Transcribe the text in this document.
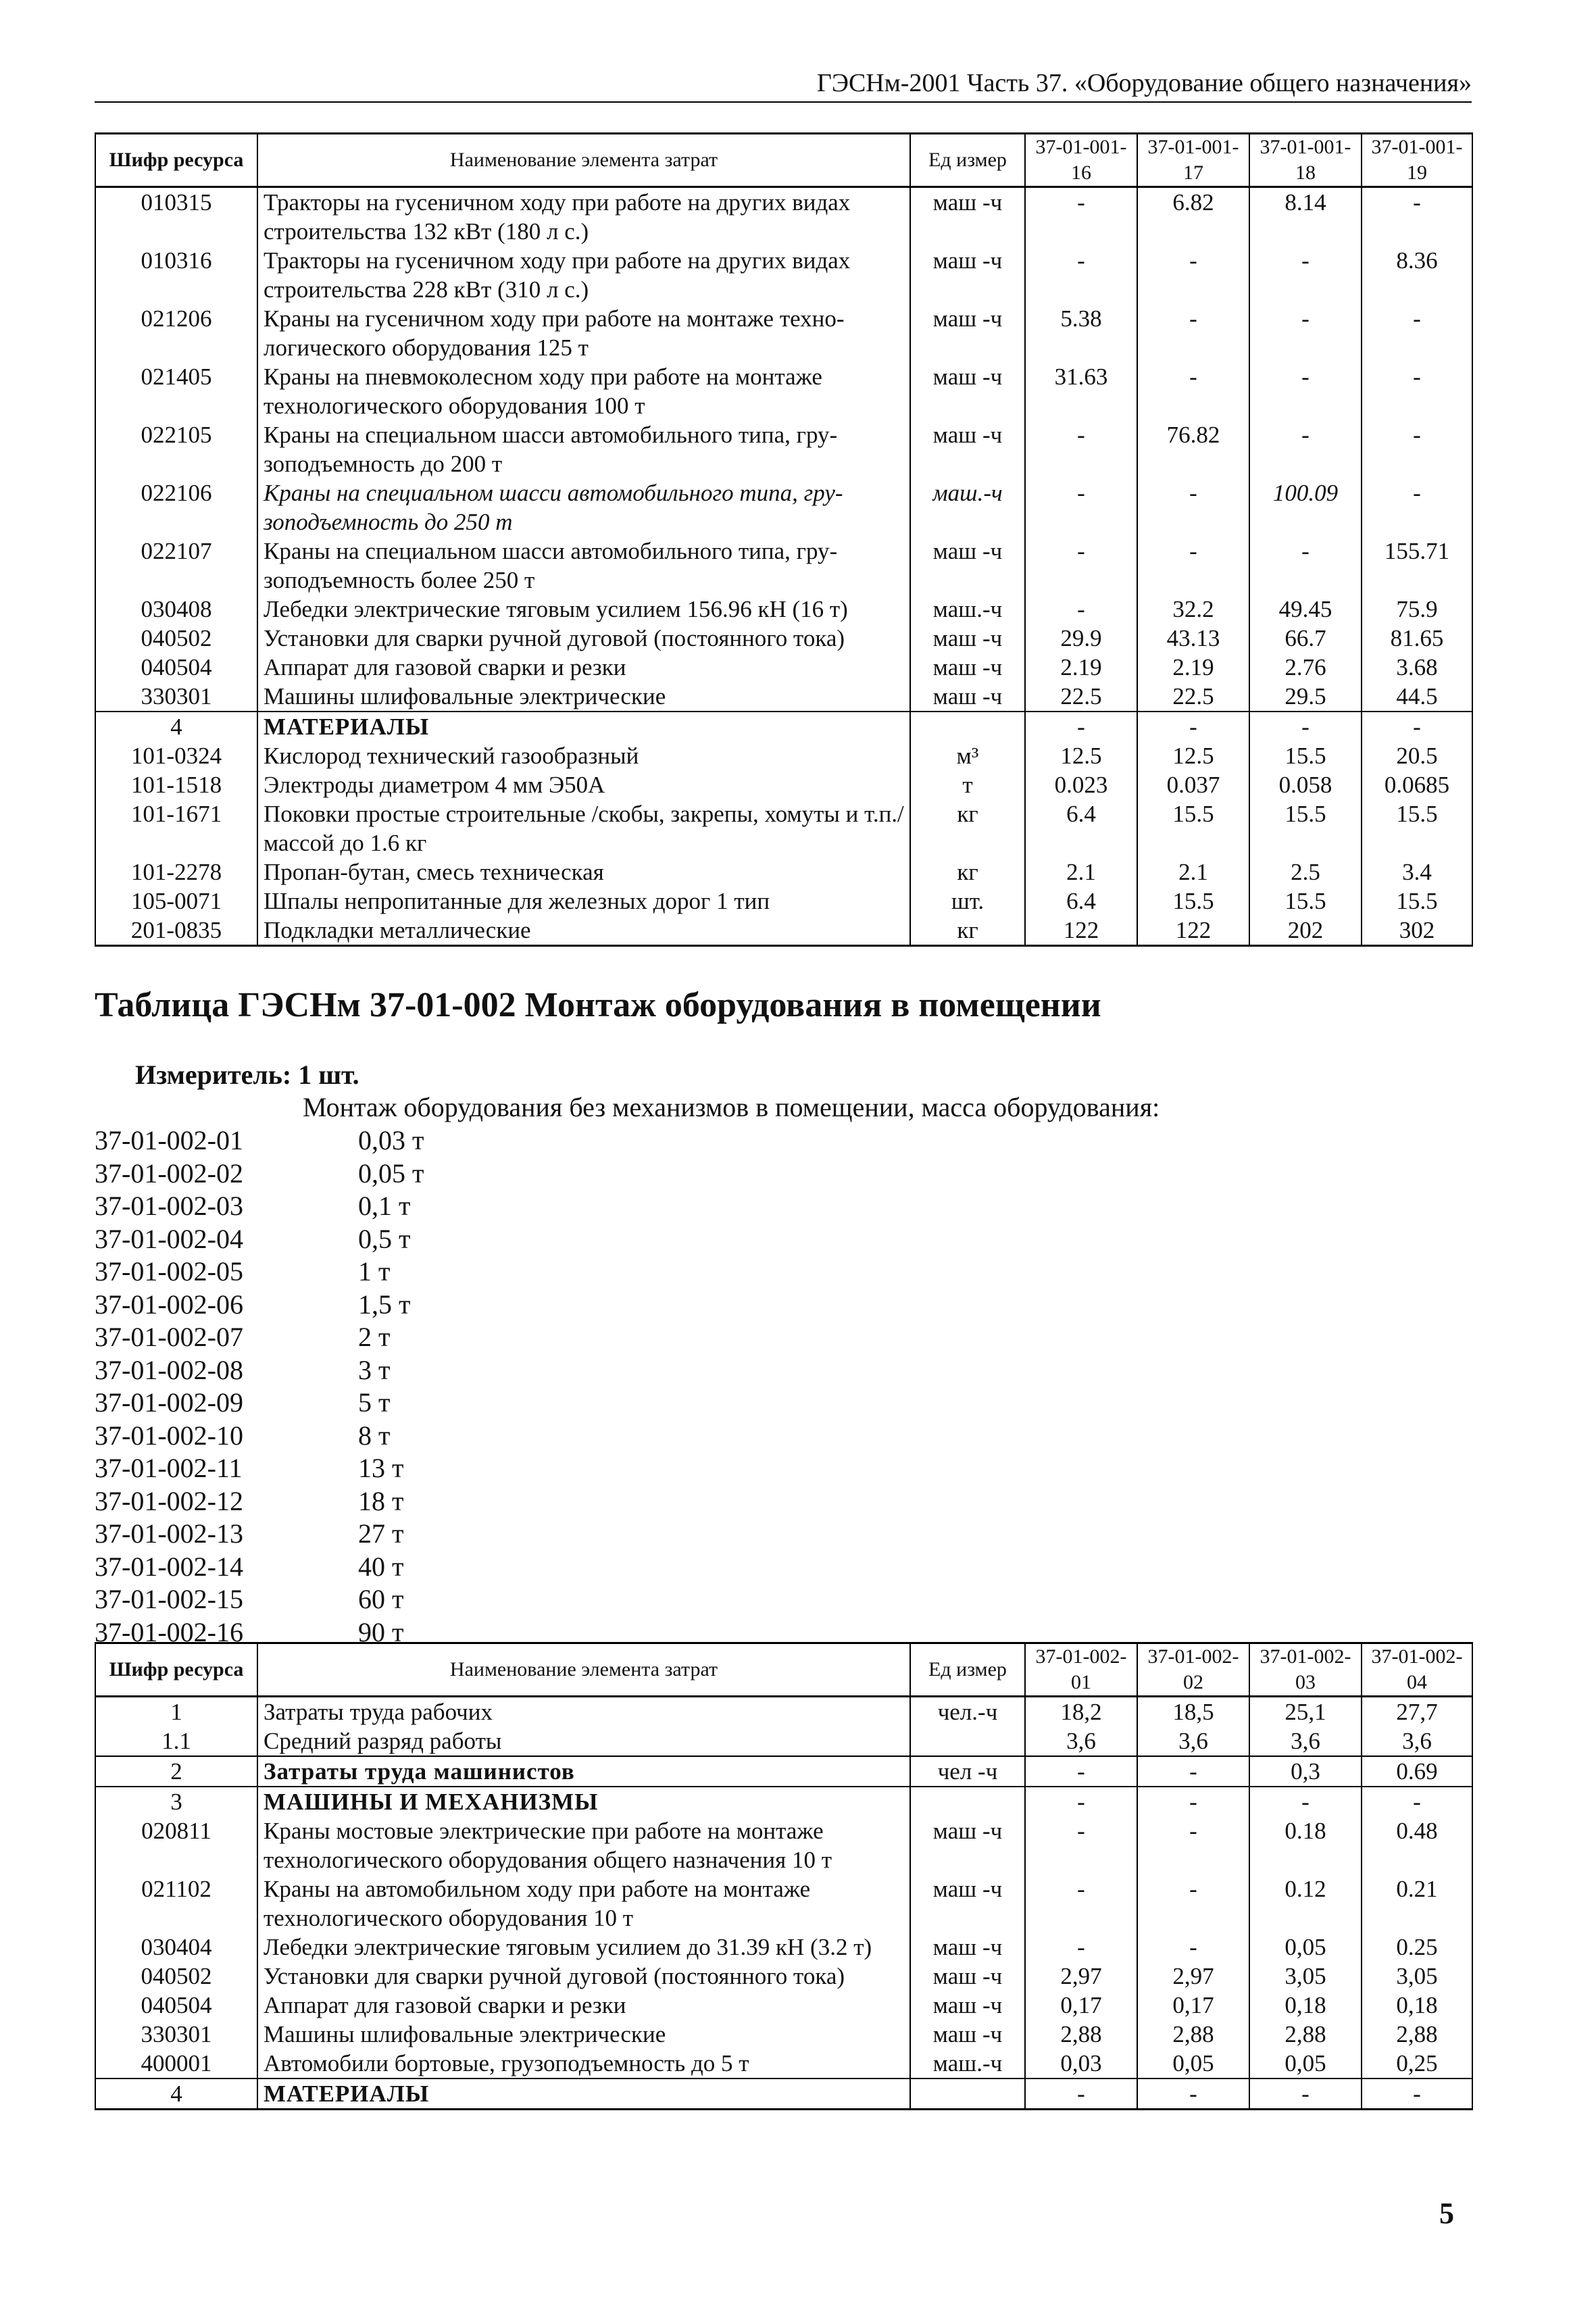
ГЭСНм-2001 Часть 37. «Оборудование общего назначения»
Шифр ресурса	Наименование элемента затрат	Ед измер	37-01-001-16	37-01-001-17	37-01-001-18	37-01-001-19
010315	Тракторы на гусеничном ходу при работе на других видах строительства 132 кВт (180 л с.)	маш -ч	-	6.82	8.14	-
010316	Тракторы на гусеничном ходу при работе на других видах строительства 228 кВт (310 л с.)	маш -ч	-	-	-	8.36
021206	Краны на гусеничном ходу при работе на монтаже техно-логического оборудования 125 т	маш -ч	5.38	-	-	-
021405	Краны на пневмоколесном ходу при работе на монтаже технологического оборудования 100 т	маш -ч	31.63	-	-	-
022105	Краны на специальном шасси автомобильного типа, гру-зоподъемность до 200 т	маш -ч	-	76.82	-	-
022106	Краны на специальном шасси автомобильного типа, гру-зоподъемность до 250 т	маш.-ч	-	-	100.09	-
022107	Краны на специальном шасси автомобильного типа, гру-зоподъемность более 250 т	маш -ч	-	-	-	155.71
030408	Лебедки электрические тяговым усилием 156.96 кН (16 т)	маш.-ч	-	32.2	49.45	75.9
040502	Установки для сварки ручной дуговой (постоянного тока)	маш -ч	29.9	43.13	66.7	81.65
040504	Аппарат для газовой сварки и резки	маш -ч	2.19	2.19	2.76	3.68
330301	Машины шлифовальные электрические	маш -ч	22.5	22.5	29.5	44.5
4	МАТЕРИАЛЫ		-	-	-	-
101-0324	Кислород технический газообразный	м³	12.5	12.5	15.5	20.5
101-1518	Электроды диаметром 4 мм Э50А	т	0.023	0.037	0.058	0.0685
101-1671	Поковки простые строительные /скобы, закрепы, хомуты и т.п./ массой до 1.6 кг	кг	6.4	15.5	15.5	15.5
101-2278	Пропан-бутан, смесь техническая	кг	2.1	2.1	2.5	3.4
105-0071	Шпалы непропитанные для железных дорог 1 тип	шт.	6.4	15.5	15.5	15.5
201-0835	Подкладки металлические	кг	122	122	202	302
Таблица ГЭСНм 37-01-002 Монтаж оборудования в помещении
Измеритель: 1 шт.
Монтаж оборудования без механизмов в помещении, масса оборудования:
37-01-002-01	0,03 т
37-01-002-02	0,05 т
37-01-002-03	0,1 т
37-01-002-04	0,5 т
37-01-002-05	1 т
37-01-002-06	1,5 т
37-01-002-07	2 т
37-01-002-08	3 т
37-01-002-09	5 т
37-01-002-10	8 т
37-01-002-11	13 т
37-01-002-12	18 т
37-01-002-13	27 т
37-01-002-14	40 т
37-01-002-15	60 т
37-01-002-16	90 т
Шифр ресурса	Наименование элемента затрат	Ед измер	37-01-002-01	37-01-002-02	37-01-002-03	37-01-002-04
1	Затраты труда рабочих	чел.-ч	18,2	18,5	25,1	27,7
1.1	Средний разряд работы		3,6	3,6	3,6	3,6
2	Затраты труда машинистов	чел -ч	-	-	0,3	0.69
3	МАШИНЫ И МЕХАНИЗМЫ		-	-	-	-
020811	Краны мостовые электрические при работе на монтаже технологического оборудования общего назначения 10 т	маш -ч	-	-	0.18	0.48
021102	Краны на автомобильном ходу при работе на монтаже технологического оборудования 10 т	маш -ч	-	-	0.12	0.21
030404	Лебедки электрические тяговым усилием до 31.39 кН (3.2 т)	маш -ч	-	-	0,05	0.25
040502	Установки для сварки ручной дуговой (постоянного тока)	маш -ч	2,97	2,97	3,05	3,05
040504	Аппарат для газовой сварки и резки	маш -ч	0,17	0,17	0,18	0,18
330301	Машины шлифовальные электрические	маш -ч	2,88	2,88	2,88	2,88
400001	Автомобили бортовые, грузоподъемность до 5 т	маш.-ч	0,03	0,05	0,05	0,25
4	МАТЕРИАЛЫ		-	-	-	-
5
